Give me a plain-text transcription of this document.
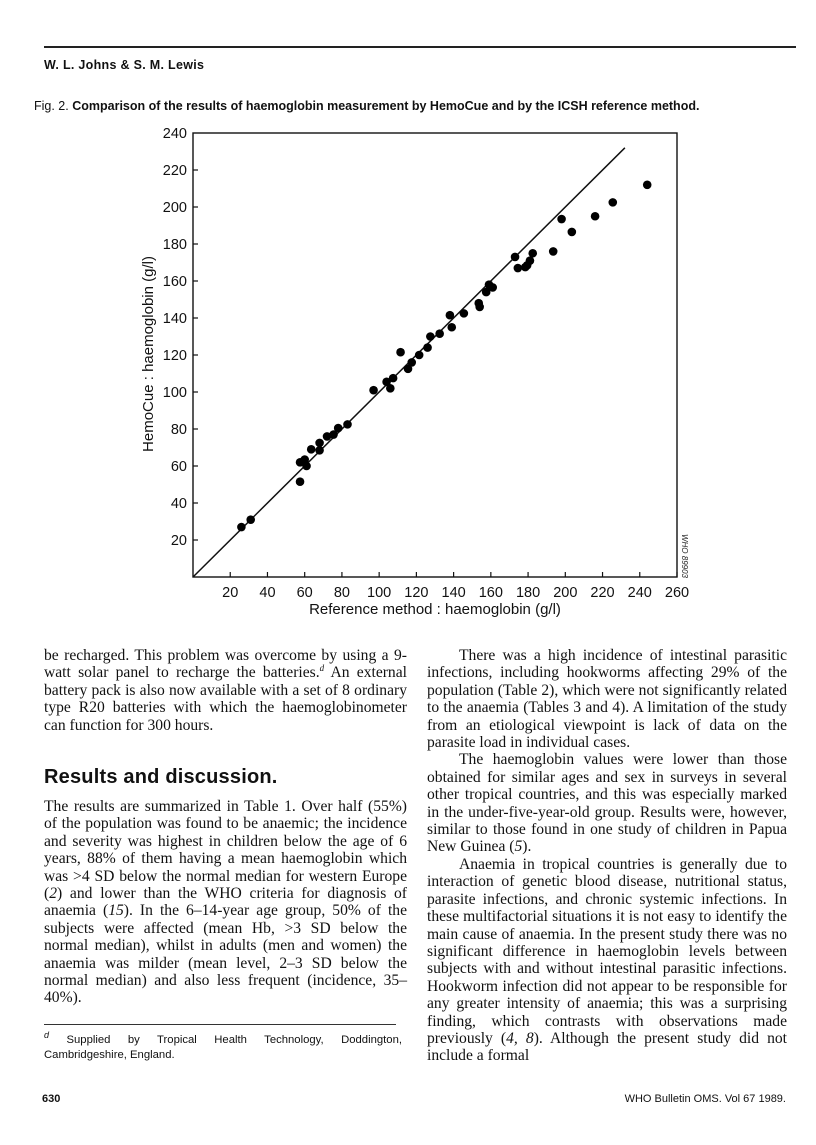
W. L. Johns & S. M. Lewis
Fig. 2. Comparison of the results of haemoglobin measurement by HemoCue and by the ICSH reference method.
20 40 60 80 100 120 140 160 180 200 220 240 260
20
40
60
80
100
120
140
160
180
200
220
240
Reference method : haemoglobin (g/l)
HemoCue : haemoglobin (g/l)
WHO 89903

be recharged. This problem was overcome by using a 9-watt solar panel to recharge the batteries.$^d$ An external battery pack is also now available with a set of 8 ordinary type R20 batteries with which the haemoglobinometer can function for 300 hours.

Results and discussion.

The results are summarized in Table 1. Over half (55%) of the population was found to be anaemic; the incidence and severity was highest in children below the age of 6 years, 88% of them having a mean haemoglobin which was >4 SD below the normal median for western Europe (2) and lower than the WHO criteria for diagnosis of anaemia (15). In the 6–14-year age group, 50% of the subjects were affected (mean Hb, >3 SD below the normal median), whilst in adults (men and women) the anaemia was milder (mean level, 2–3 SD below the normal median) and also less frequent (incidence, 35–40%).

There was a high incidence of intestinal parasitic infections, including hookworms affecting 29% of the population (Table 2), which were not significantly related to the anaemia (Tables 3 and 4). A limitation of the study from an etiological viewpoint is lack of data on the parasite load in individual cases.

The haemoglobin values were lower than those obtained for similar ages and sex in surveys in several other tropical countries, and this was especially marked in the under-five-year-old group. Results were, however, similar to those found in one study of children in Papua New Guinea (5).

Anaemia in tropical countries is generally due to interaction of genetic blood disease, nutritional status, parasite infections, and chronic systemic infections. In these multifactorial situations it is not easy to identify the main cause of anaemia. In the present study there was no significant difference in haemoglobin levels between subjects with and without intestinal parasitic infections. Hookworm infection did not appear to be responsible for any greater intensity of anaemia; this was a surprising finding, which contrasts with observations made previously (4, 8). Although the present study did not include a formal

$^d$ Supplied by Tropical Health Technology, Doddington, Cambridgeshire, England.
630	WHO Bulletin OMS. Vol 67 1989.
